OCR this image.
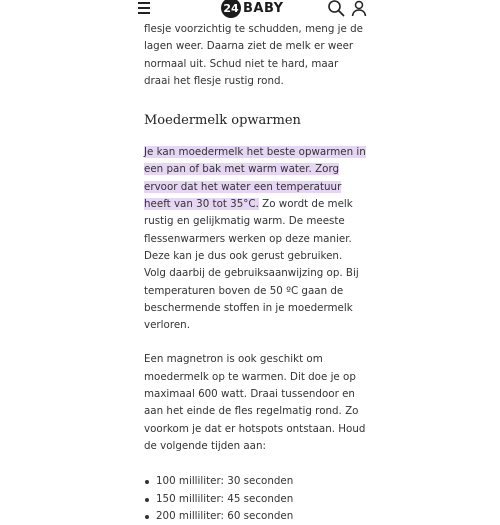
24 BABY

flesje voorzichtig te schudden, meng je de lagen weer. Daarna ziet de melk er weer normaal uit. Schud niet te hard, maar draai het flesje rustig rond.

Moedermelk opwarmen

Je kan moedermelk het beste opwarmen in een pan of bak met warm water. Zorg ervoor dat het water een temperatuur heeft van 30 tot 35°C. Zo wordt de melk rustig en gelijkmatig warm. De meeste flessenwarmers werken op deze manier. Deze kan je dus ook gerust gebruiken. Volg daarbij de gebruiksaanwijzing op. Bij temperaturen boven de 50 ºC gaan de beschermende stoffen in je moedermelk verloren.

Een magnetron is ook geschikt om moedermelk op te warmen. Dit doe je op maximaal 600 watt. Draai tussendoor en aan het einde de fles regelmatig rond. Zo voorkom je dat er hotspots ontstaan. Houd de volgende tijden aan:

100 milliliter: 30 seconden
150 milliliter: 45 seconden
200 milliliter: 60 seconden
